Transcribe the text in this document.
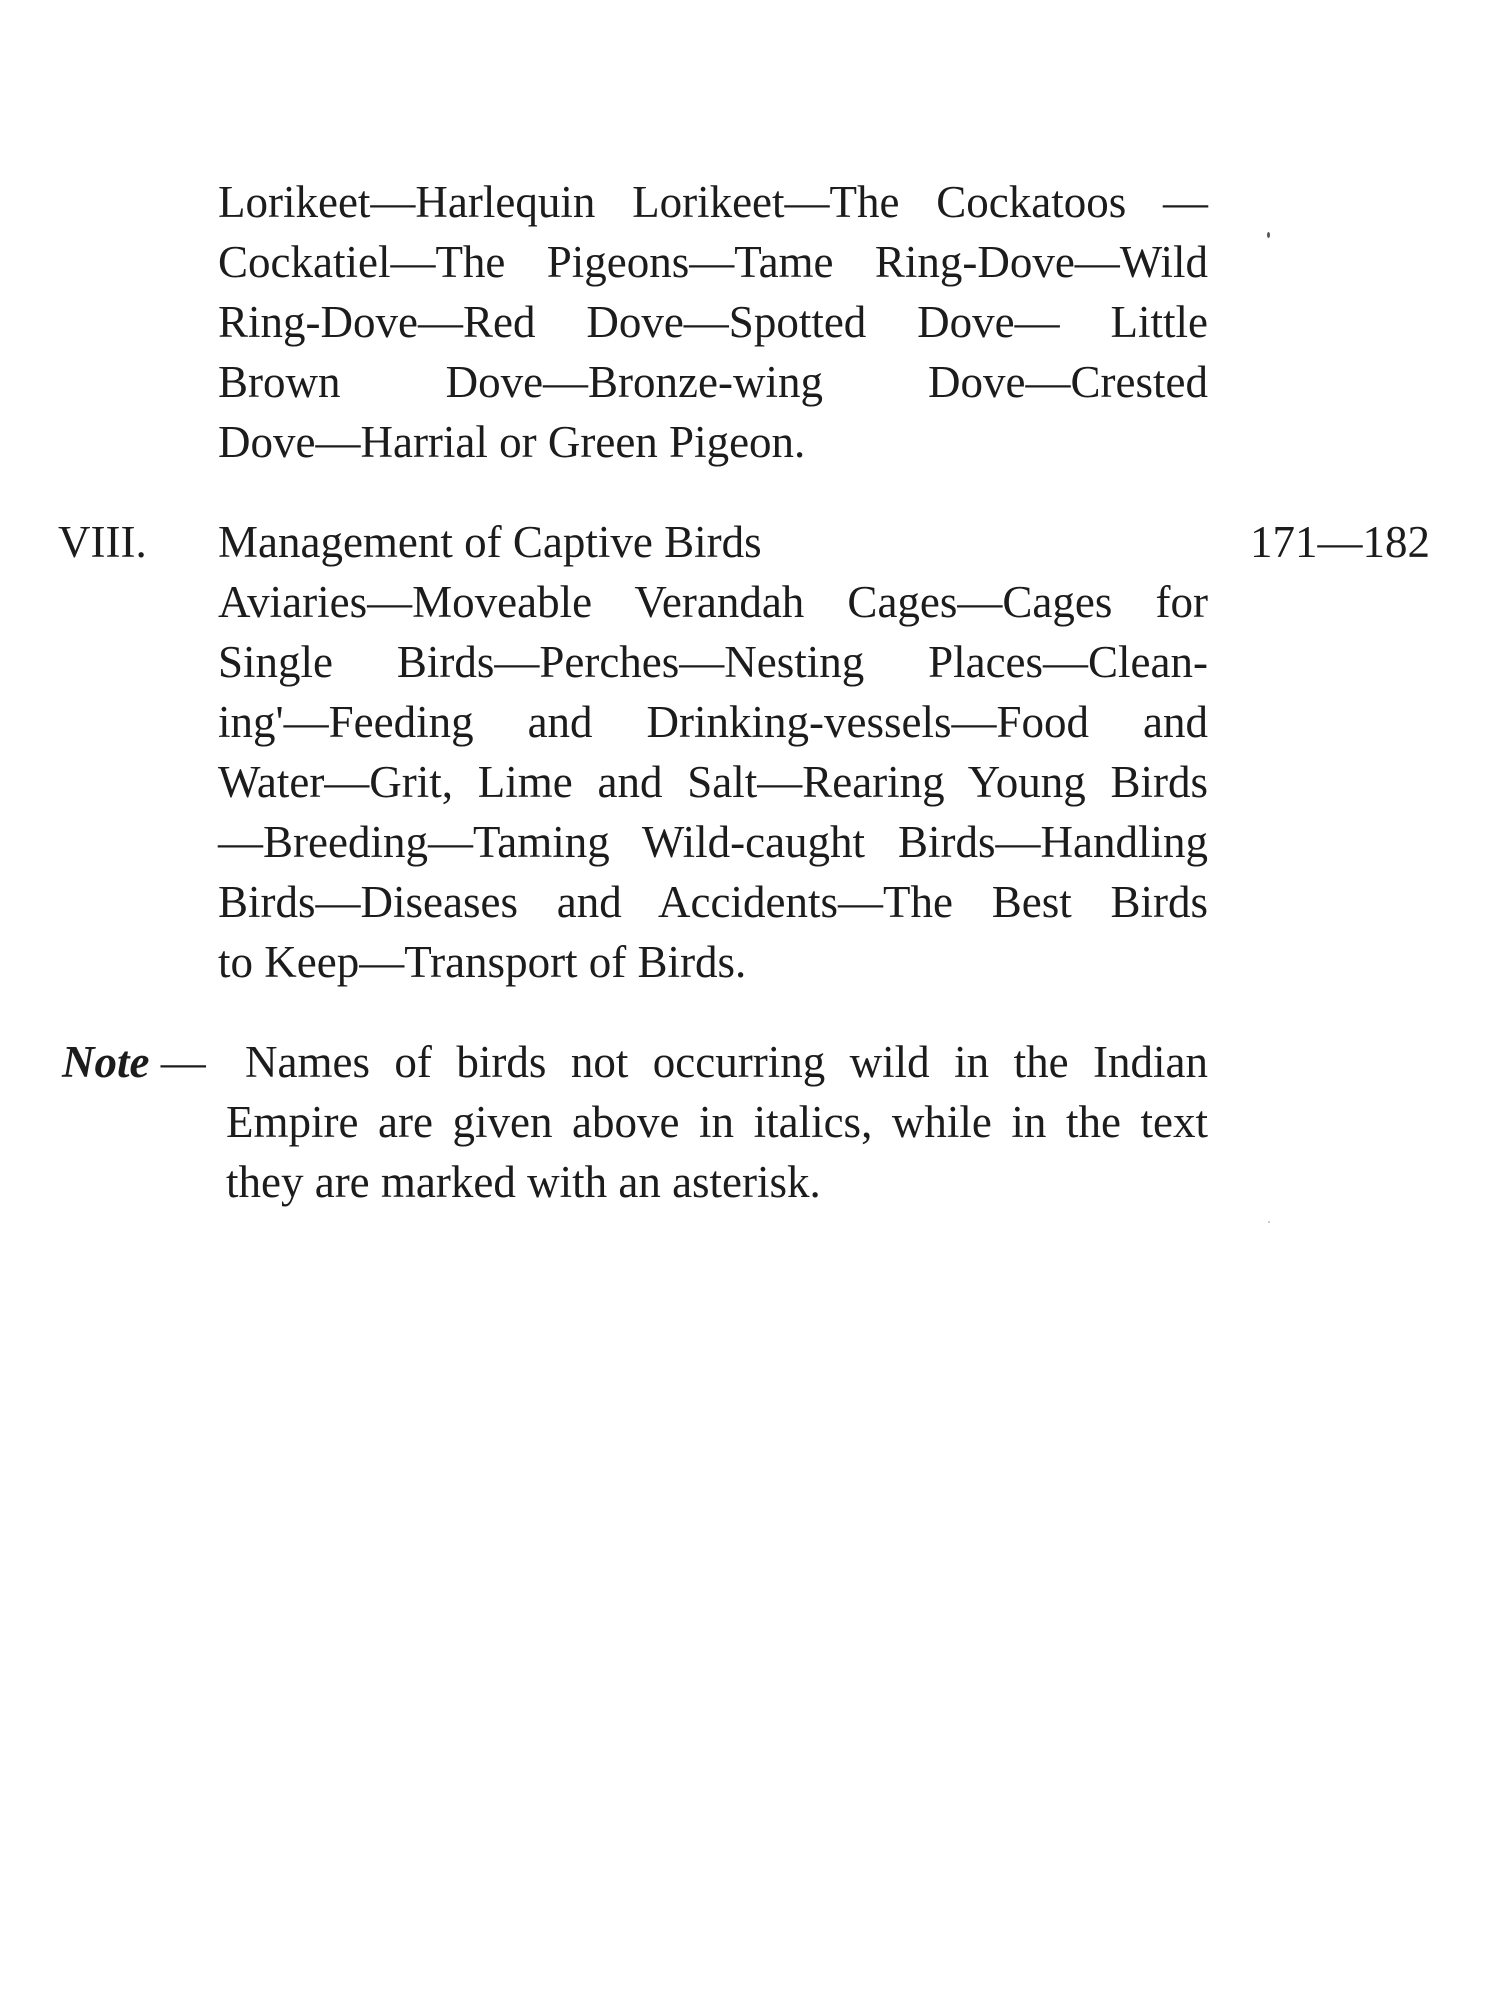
Lorikeet—Harlequin Lorikeet—The Cockatoos —
Cockatiel—The Pigeons—Tame Ring-Dove—Wild
Ring-Dove—Red Dove—Spotted Dove— Little
Brown Dove—Bronze-wing Dove—Crested
Dove—Harrial or Green Pigeon.
VIII. Management of Captive Birds	171—182
Aviaries—Moveable Verandah Cages—Cages for
Single Birds—Perches—Nesting Places—Clean-
ing'—Feeding and Drinking-vessels—Food and
Water—Grit, Lime and Salt—Rearing Young Birds
—Breeding—Taming Wild-caught Birds—Handling
Birds—Diseases and Accidents—The Best Birds
to Keep—Transport of Birds.
Note — Names of birds not occurring wild in the Indian
Empire are given above in italics, while in the text
they are marked with an asterisk.
